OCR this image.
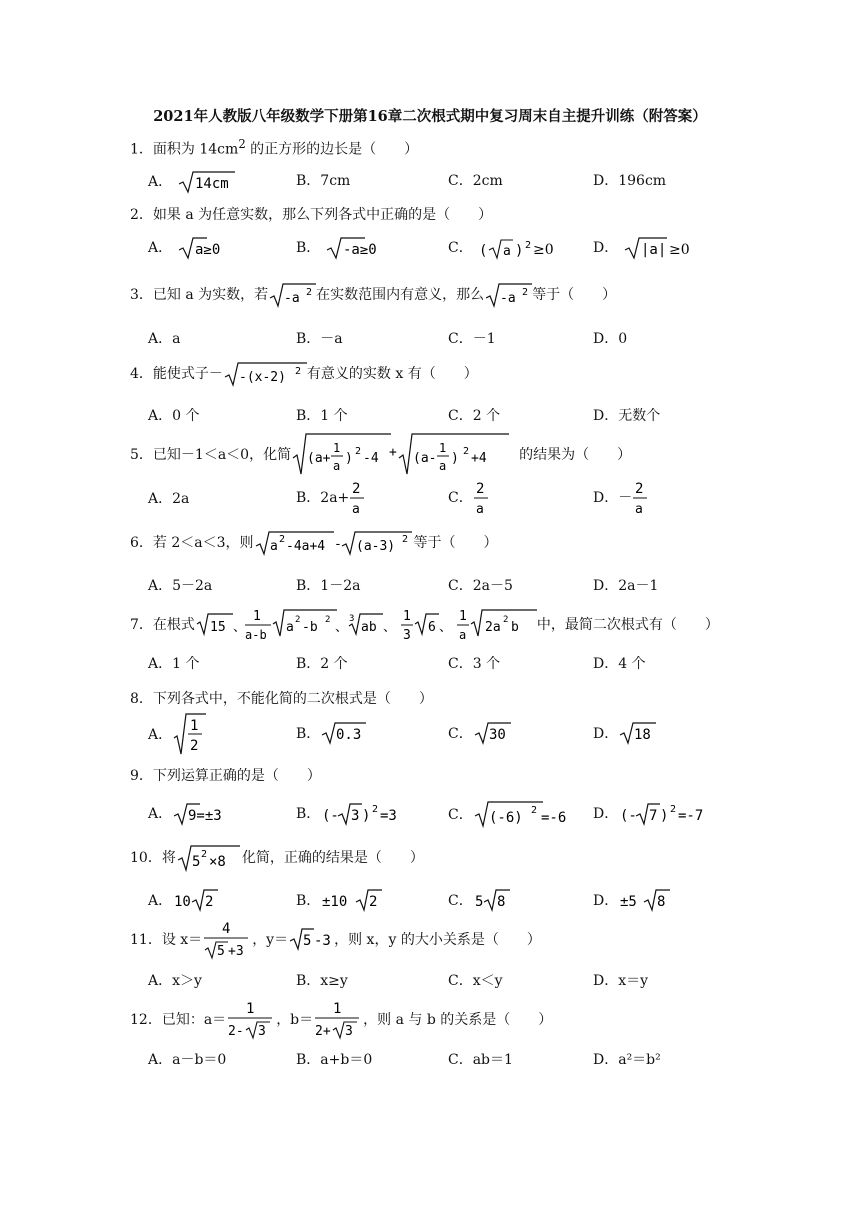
2021年人教版八年级数学下册第16章二次根式期中复习周末自主提升训练（附答案）
1．面积为 $14cm^2$ 的正方形的边长是（　　）
A． 14cm	B．7cm	C．2cm	D．196cm
2．如果 a 为任意实数，那么下列各式中正确的是（　　）
A． a≥0	B． -a≥0	C． ( a ) 2 ≥0	D． |a| ≥0
3．已知 a 为实数，若 -a 2 在实数范围内有意义，那么 -a 2 等于（　　）
A．a	B．－a	C．－1	D．0
4．能使式子－ -(x-2) 2 有意义的实数 x 有（　　）
A．0 个	B．1 个	C．2 个	D．无数个
5．已知－1＜a＜0，化简 (a+
1
a ) 2 -4 + (a-
1
a ) 2 +4 的结果为（　　）
A．2a	B．2a+
2
a
C．
2
a
D．－
2
a
6．若 2＜a＜3，则 a 2 -4a+4 - (a-3) 2 等于（　　）
A．5－2a	B．1－2a	C．2a－5	D．2a－1
7．在根式 15 、
1
a-b a 2 -b 2 、
3
ab 、
1
3
6 、
1
a 2a 2 b 中，最简二次根式有（　　）
A．1 个	B．2 个	C．3 个	D．4 个
8．下列各式中，不能化简的二次根式是（　　）
A．
1
2
B． 0.3	C． 30	D． 18
9．下列运算正确的是（　　）
A． 9=±3	B． (- 3 ) 2 =3	C． (-6) 2 =-6 D． (- 7 ) 2 =-7
10．将 5 2 ×8 化简，正确的结果是（　　）
A． 10 2	B． ±10 2	C． 5 8	D． ±5 8
11．设 x＝
4
5 +3
，y＝ 5 -3 ，则 x，y 的大小关系是（　　）
A．x＞y	B．x≥y	C．x＜y	D．x＝y
12．已知：a＝
1
2- 3
，b＝
1
2+ 3
，则 a 与 b 的关系是（　　）
A．a－b＝0	B．a+b＝0	C．ab＝1	D．a²＝b²
